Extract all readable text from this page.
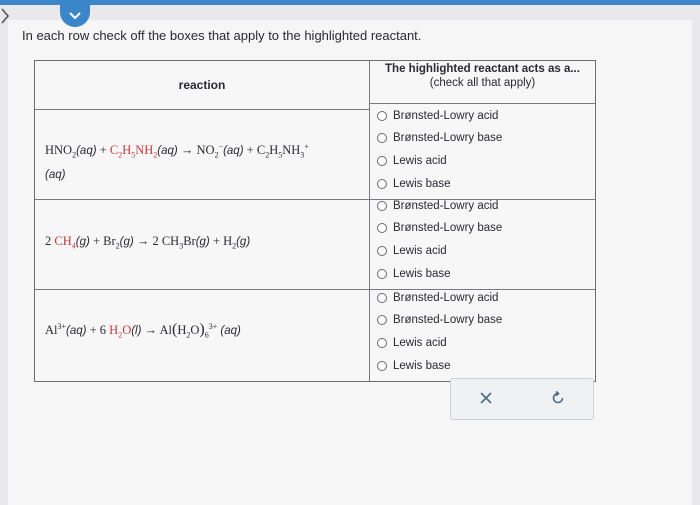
In each row check off the boxes that apply to the highlighted reactant.
reaction
The highlighted reactant acts as a...
(check all that apply)
$HNO_2(aq) + C_2H_5NH_2(aq) \to NO_2^-(aq) + C_2H_5NH_3^+$
(aq)
Brønsted-Lowry acid
Brønsted-Lowry base
Lewis acid
Lewis base
2 $CH_4(g) + Br_2(g) \to 2$ $CH_3Br(g) + H_2(g)$
Brønsted-Lowry acid
Brønsted-Lowry base
Lewis acid
Lewis base
$Al^{3+}(aq) + 6$ $H_2O(l) \to Al(H_2O)_6^{3+}$ (aq)
Brønsted-Lowry acid
Brønsted-Lowry base
Lewis acid
Lewis base
